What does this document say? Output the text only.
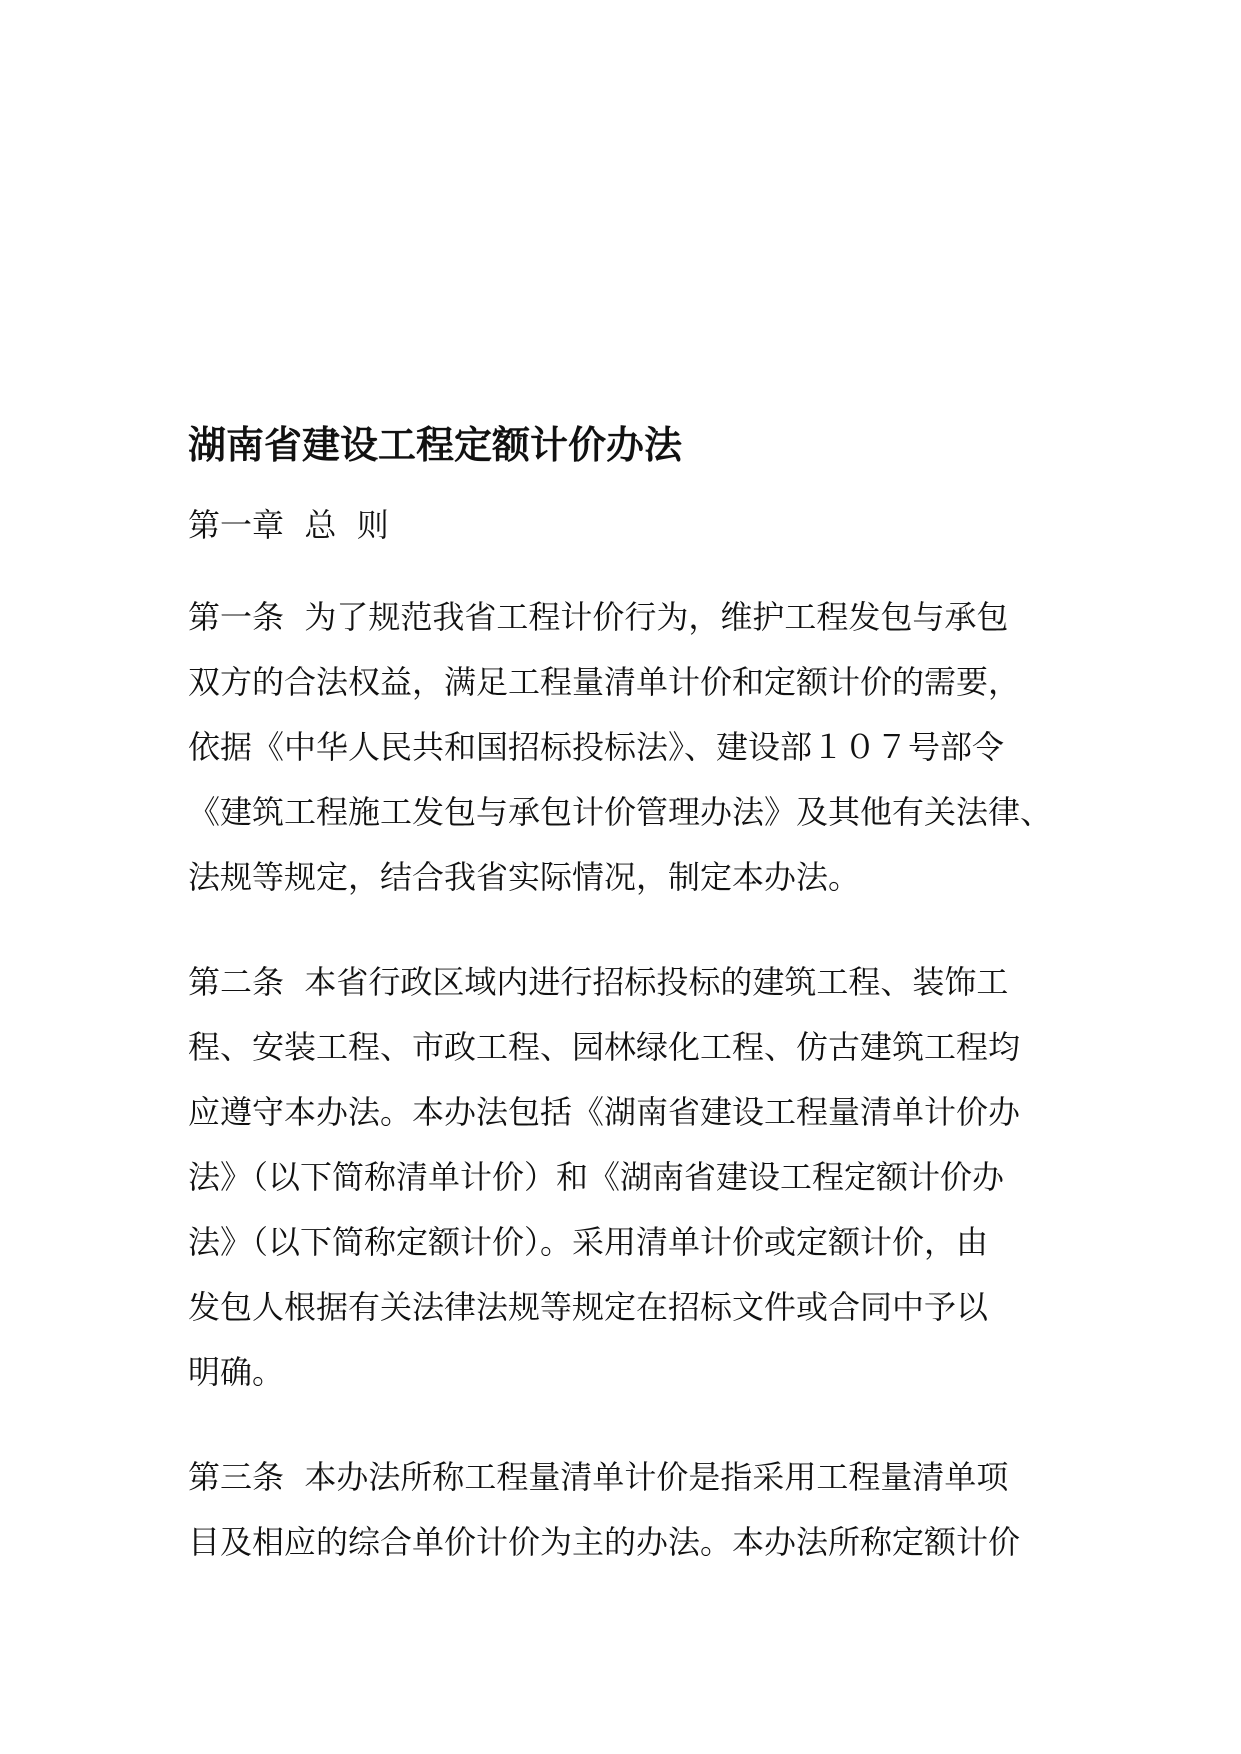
湖南省建设工程定额计价办法
第一章  总  则
第一条  为了规范我省工程计价行为，维护工程发包与承包
双方的合法权益，满足工程量清单计价和定额计价的需要，
依据《中华人民共和国招标投标法》、建设部１０７号部令
《建筑工程施工发包与承包计价管理办法》及其他有关法律、
法规等规定，结合我省实际情况，制定本办法。
第二条  本省行政区域内进行招标投标的建筑工程、装饰工
程、安装工程、市政工程、园林绿化工程、仿古建筑工程均
应遵守本办法。本办法包括《湖南省建设工程量清单计价办
法》（以下简称清单计价）和《湖南省建设工程定额计价办
法》（以下简称定额计价）。采用清单计价或定额计价，由
发包人根据有关法律法规等规定在招标文件或合同中予以
明确。
第三条  本办法所称工程量清单计价是指采用工程量清单项
目及相应的综合单价计价为主的办法。本办法所称定额计价
